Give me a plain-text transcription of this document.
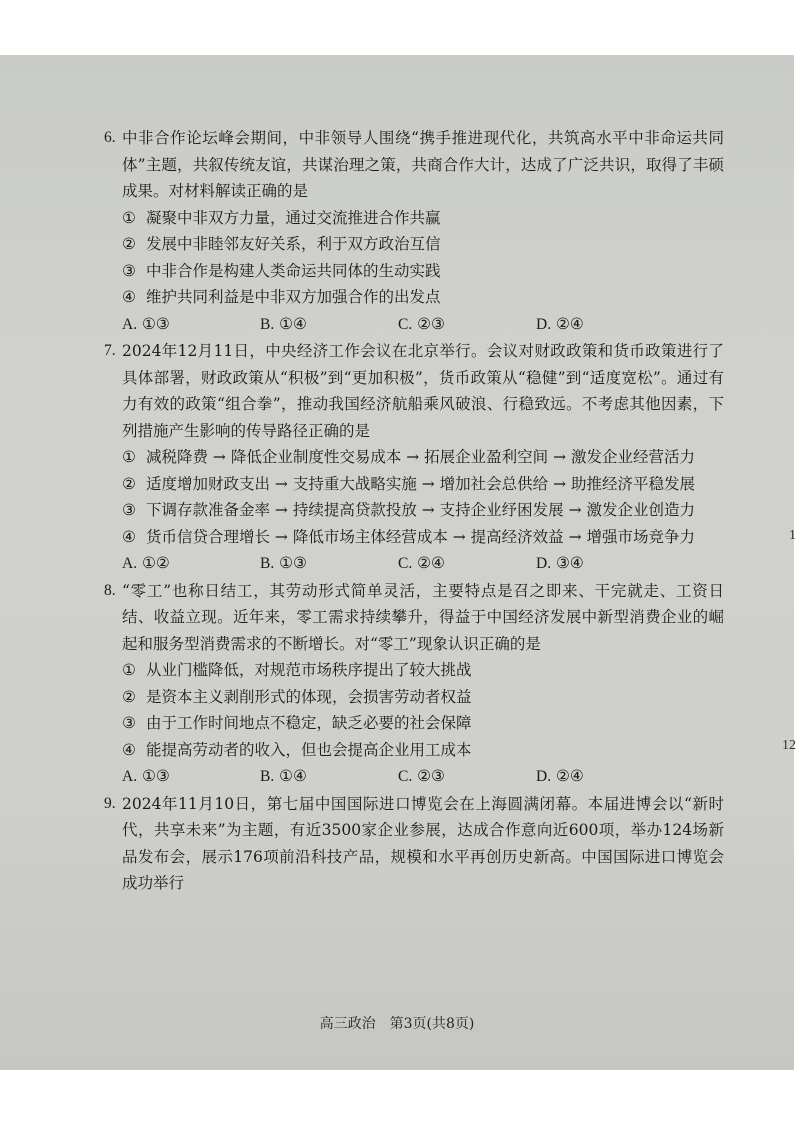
6. 中非合作论坛峰会期间，中非领导人围绕“携手推进现代化，共筑高水平中非命运共同体”主题，共叙传统友谊，共谋治理之策，共商合作大计，达成了广泛共识，取得了丰硕成果。对材料解读正确的是
① 凝聚中非双方力量，通过交流推进合作共赢
② 发展中非睦邻友好关系，利于双方政治互信
③ 中非合作是构建人类命运共同体的生动实践
④ 维护共同利益是中非双方加强合作的出发点
A. ①③	B. ①④	C. ②③	D. ②④
7. 2024年12月11日，中央经济工作会议在北京举行。会议对财政政策和货币政策进行了具体部署，财政政策从“积极”到“更加积极”，货币政策从“稳健”到“适度宽松”。通过有力有效的政策“组合拳”，推动我国经济航船乘风破浪、行稳致远。不考虑其他因素，下列措施产生影响的传导路径正确的是
① 减税降费 → 降低企业制度性交易成本 → 拓展企业盈利空间 → 激发企业经营活力
② 适度增加财政支出 → 支持重大战略实施 → 增加社会总供给 → 助推经济平稳发展
③ 下调存款准备金率 → 持续提高贷款投放 → 支持企业纾困发展 → 激发企业创造力
④ 货币信贷合理增长 → 降低市场主体经营成本 → 提高经济效益 → 增强市场竞争力
A. ①②	B. ①③	C. ②④	D. ③④
8. “零工”也称日结工，其劳动形式简单灵活，主要特点是召之即来、干完就走、工资日结、收益立现。近年来，零工需求持续攀升，得益于中国经济发展中新型消费企业的崛起和服务型消费需求的不断增长。对“零工”现象认识正确的是
① 从业门槛降低，对规范市场秩序提出了较大挑战
② 是资本主义剥削形式的体现，会损害劳动者权益
③ 由于工作时间地点不稳定，缺乏必要的社会保障
④ 能提高劳动者的收入，但也会提高企业用工成本
A. ①③	B. ①④	C. ②③	D. ②④
9. 2024年11月10日，第七届中国国际进口博览会在上海圆满闭幕。本届进博会以“新时代，共享未来”为主题，有近3500家企业参展，达成合作意向近600项，举办124场新品发布会，展示176项前沿科技产品，规模和水平再创历史新高。中国国际进口博览会成功举行
1
12
高三政治　第3页(共8页)
